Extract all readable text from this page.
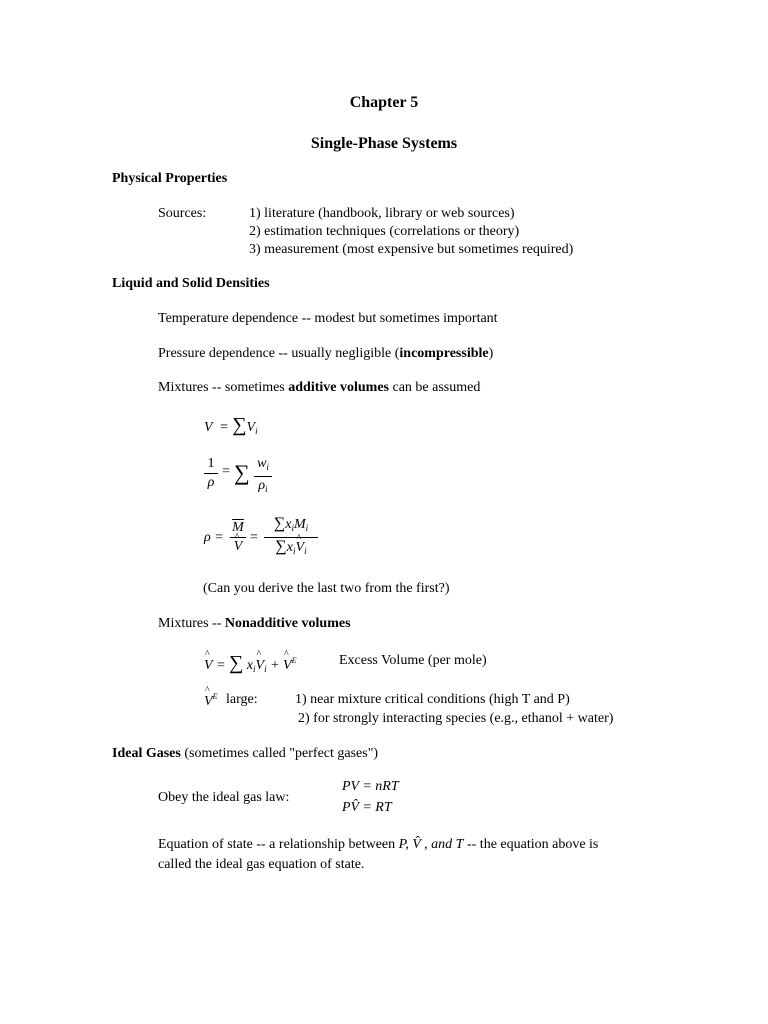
Chapter 5
Single-Phase Systems
Physical Properties
Sources:	1) literature (handbook, library or web sources)
2) estimation techniques (correlations or theory)
3) measurement (most expensive but sometimes required)
Liquid and Solid Densities
Temperature dependence -- modest but sometimes important
Pressure dependence -- usually negligible (incompressible)
Mixtures -- sometimes additive volumes can be assumed
$V = \sum V_i$
1
ρ
= ∑ $w_i$
$\rho_i$
ρ =
$\overline{M}$
^ V
=
$\sum x_iM_i$
$\sum x_i\^{}$ $V_i$
(Can you derive the last two from the first?)
Mixtures -- Nonadditive volumes
^ V = ∑ $x_i\^{}$ $V_i$ + ^ $V^E$	Excess Volume (per mole)
^ $V^E$ large:	1) near mixture critical conditions (high T and P)
2) for strongly interacting species (e.g., ethanol + water)
Ideal Gases (sometimes called "perfect gases")
Obey the ideal gas law:
PV = nRT
PV̂ = RT
Equation of state -- a relationship between P, V̂ , and T -- the equation above is
called the ideal gas equation of state.
